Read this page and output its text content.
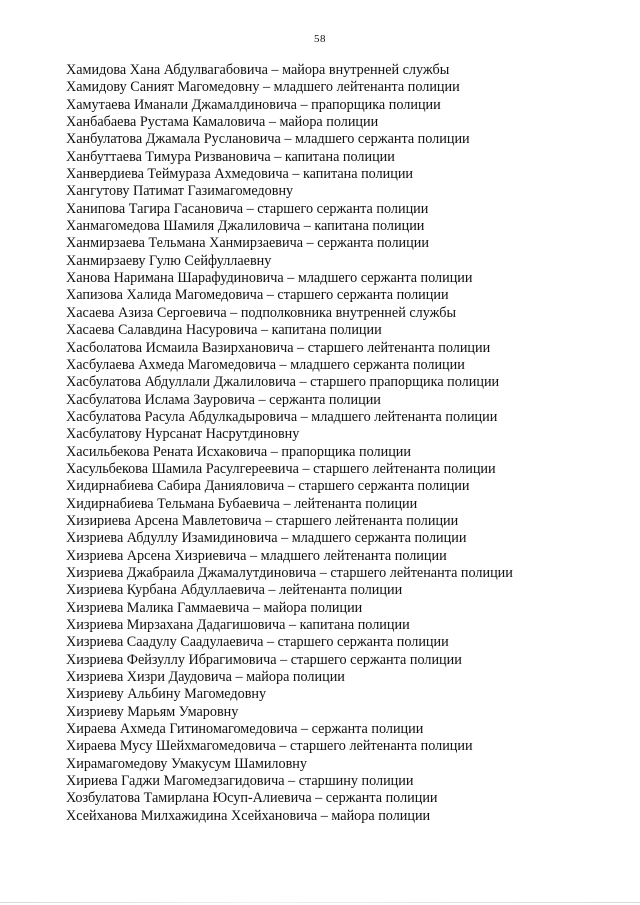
58
Хамидова Хана Абдулвагабовича – майора внутренней службы
Хамидову Саният Магомедовну – младшего лейтенанта полиции
Хамутаева Иманали Джамалдиновича – прапорщика полиции
Ханбабаева Рустама Камаловича – майора полиции
Ханбулатова Джамала Руслановича – младшего сержанта полиции
Ханбуттаева Тимура Ризвановича – капитана полиции
Ханвердиева Теймураза Ахмедовича – капитана полиции
Хангутову Патимат Газимагомедовну
Ханипова Тагира Гасановича – старшего сержанта полиции
Ханмагомедова Шамиля Джалиловича – капитана полиции
Ханмирзаева Тельмана Ханмирзаевича – сержанта полиции
Ханмирзаеву Гулю Сейфуллаевну
Ханова Наримана Шарафудиновича – младшего сержанта полиции
Хапизова Халида Магомедовича – старшего сержанта полиции
Хасаева Азиза Сергоевича – подполковника внутренней службы
Хасаева Салавдина Насуровича – капитана полиции
Хасболатова Исмаила Вазирхановича – старшего лейтенанта полиции
Хасбулаева Ахмеда Магомедовича – младшего сержанта полиции
Хасбулатова Абдуллали Джалиловича – старшего прапорщика полиции
Хасбулатова Ислама Зауровича – сержанта полиции
Хасбулатова Расула Абдулкадыровича – младшего лейтенанта полиции
Хасбулатову Нурсанат Насрутдиновну
Хасильбекова Рената Исхаковича – прапорщика полиции
Хасульбекова Шамила Расулгереевича – старшего лейтенанта полиции
Хидирнабиева Сабира Данияловича – старшего сержанта полиции
Хидирнабиева Тельмана Бубаевича – лейтенанта полиции
Хизириева Арсена Мавлетовича – старшего лейтенанта полиции
Хизриева Абдуллу Изамидиновича – младшего сержанта полиции
Хизриева Арсена Хизриевича – младшего лейтенанта полиции
Хизриева Джабраила Джамалутдиновича – старшего лейтенанта полиции
Хизриева Курбана Абдуллаевича – лейтенанта полиции
Хизриева Малика Гаммаевича – майора полиции
Хизриева Мирзахана Дадагишовича – капитана полиции
Хизриева Саадулу Саадулаевича – старшего сержанта полиции
Хизриева Фейзуллу Ибрагимовича – старшего сержанта полиции
Хизриева Хизри Даудовича – майора полиции
Хизриеву Альбину Магомедовну
Хизриеву Марьям Умаровну
Хираева Ахмеда Гитиномагомедовича – сержанта полиции
Хираева Мусу Шейхмагомедовича – старшего лейтенанта полиции
Хирамагомедову Умакусум Шамиловну
Хириева Гаджи Магомедзагидовича – старшину полиции
Хозбулатова Тамирлана Юсуп-Алиевича – сержанта полиции
Хсейханова Милхажидина Хсейхановича – майора полиции
